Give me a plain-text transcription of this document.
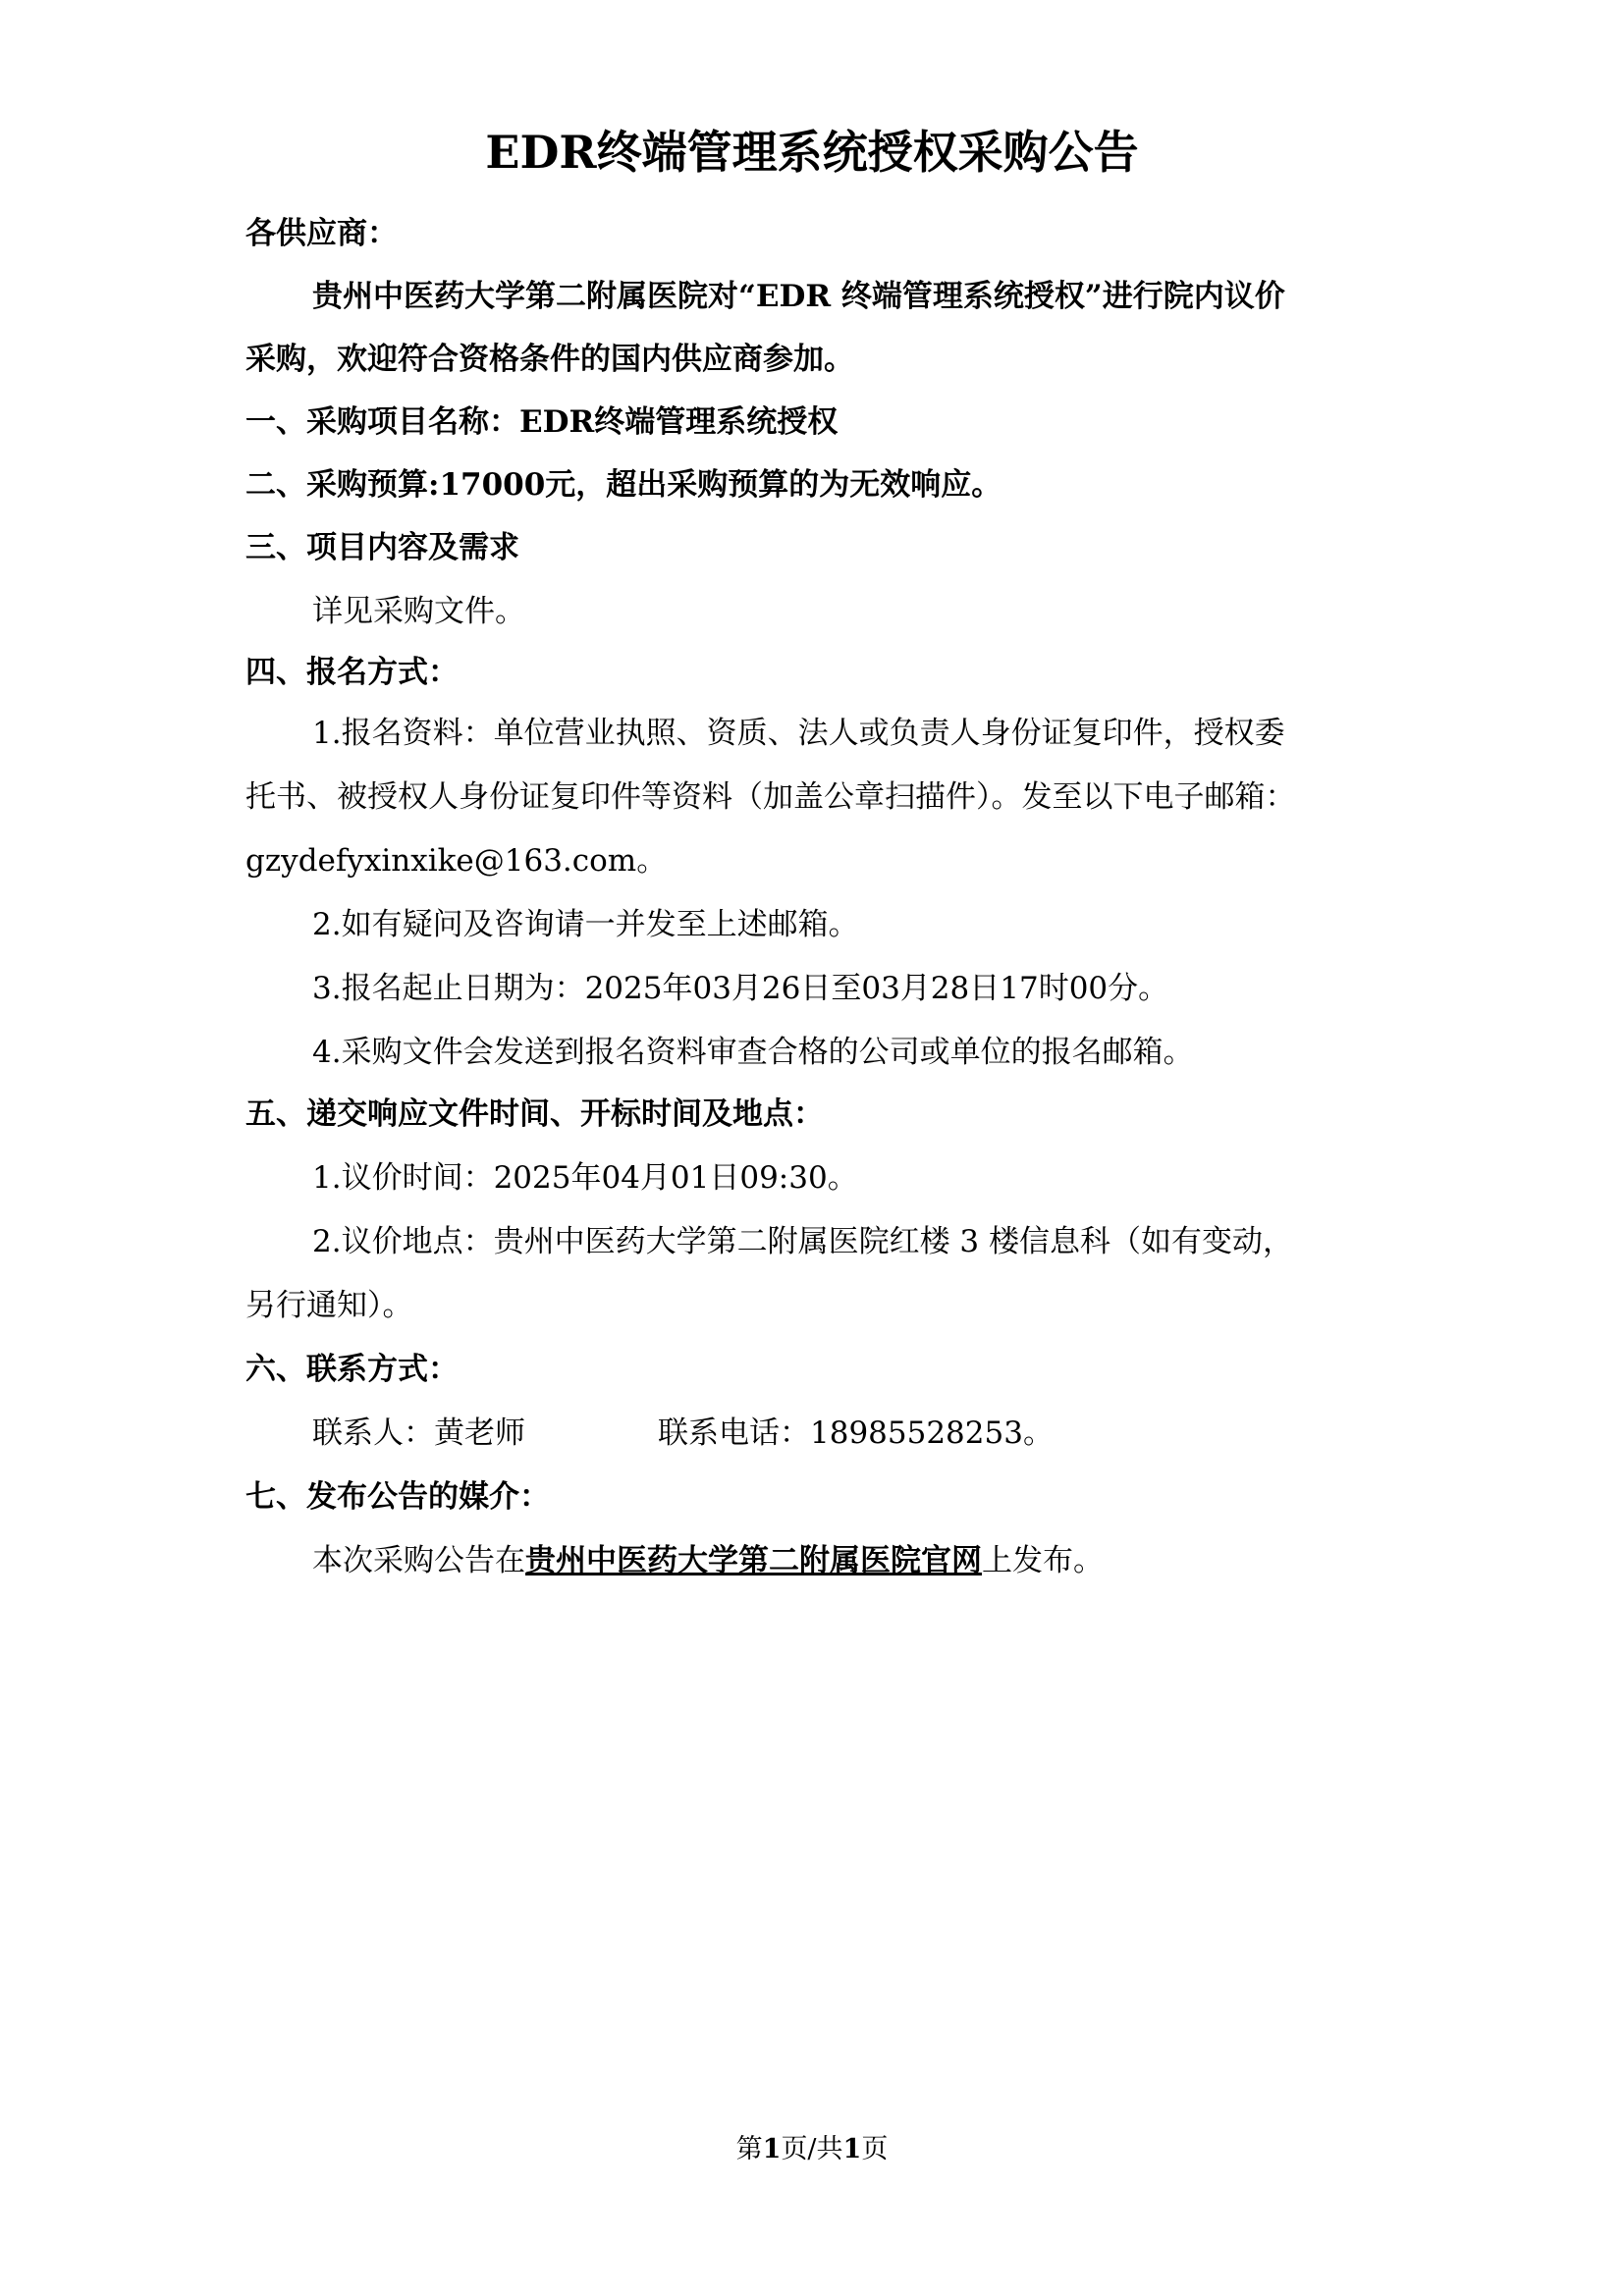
EDR终端管理系统授权采购公告
各供应商：
贵州中医药大学第二附属医院对“EDR 终端管理系统授权”进行院内议价
采购，欢迎符合资格条件的国内供应商参加。
一、采购项目名称：EDR终端管理系统授权
二、采购预算:17000元，超出采购预算的为无效响应。
三、项目内容及需求
详见采购文件。
四、报名方式：
1.报名资料：单位营业执照、资质、法人或负责人身份证复印件，授权委
托书、被授权人身份证复印件等资料（加盖公章扫描件）。发至以下电子邮箱：
gzydefyxinxike@163.com。
2.如有疑问及咨询请一并发至上述邮箱。
3.报名起止日期为：2025年03月26日至03月28日17时00分。
4.采购文件会发送到报名资料审查合格的公司或单位的报名邮箱。
五、递交响应文件时间、开标时间及地点：
1.议价时间：2025年04月01日09:30。
2.议价地点：贵州中医药大学第二附属医院红楼 3 楼信息科（如有变动，
另行通知）。
六、联系方式：
联系人：黄老师	联系电话：18985528253。
七、发布公告的媒介：
本次采购公告在贵州中医药大学第二附属医院官网上发布。
第1页/共1页
